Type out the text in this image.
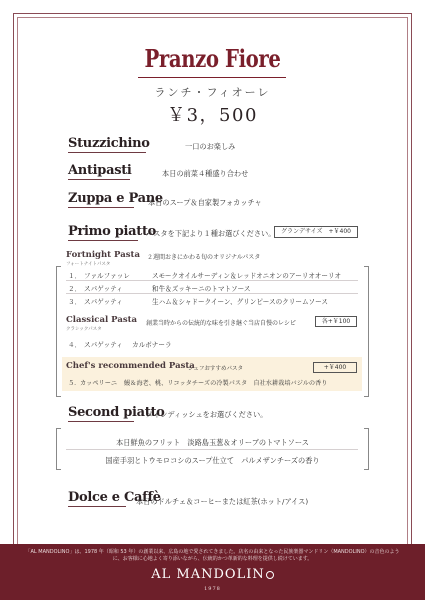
Pranzo Fiore
ランチ・フィオーレ
￥3，500
Stuzzichino	一口のお楽しみ
Antipasti	本日の前菜４種盛り合わせ
Zuppa e Pane
本日のスープ＆自家製フォカッチャ
Primo piatto
パスタを下記より１種お選びください。 グランデサイズ　+￥400
Fortnight Pasta ２週間おきにかわる旬のオリジナルパスタ
フォートナイトパスタ
１． ファルファッレ	スモークオイルサーディン＆レッドオニオンのアーリオオーリオ
２． スパゲッティ	和牛＆ズッキーニのトマトソース
３． スパゲッティ	生ハム＆シャドークイーン、グリンピースのクリームソース
Classical Pasta
クラシックパスタ
創業当時からの伝統的な味を引き継ぐ当店自慢のレシピ	各+￥100
４． スパゲッティ カルボナーラ
Chef's recommended Pasta
シェフおすすめパスタ	+￥400
５． カッペリーニ 鰻＆海老、桃、リコッタチーズの冷製パスタ　自社水耕栽培バジルの香り
Second piatto
メインディッシュをお選びください。
本日鮮魚のフリット　淡路島玉葱＆オリーブのトマトソース
国産手羽とトウモロコシのスープ仕立て　パルメザンチーズの香り
Dolce e Caffè
本日のドルチェ＆コーヒーまたは紅茶(ホット/アイス)
「AL MANDOLINO」は、1978 年（昭和 53 年）の創業以来、広島の地で愛されてきました。店名の由来となった民族楽器マンドリン（MANDOLINO）の音色のように、お客様に心地よく寄り添いながら、伝統的かつ革新的な料理を提供し続けています。
AL MANDOLIN
1978
